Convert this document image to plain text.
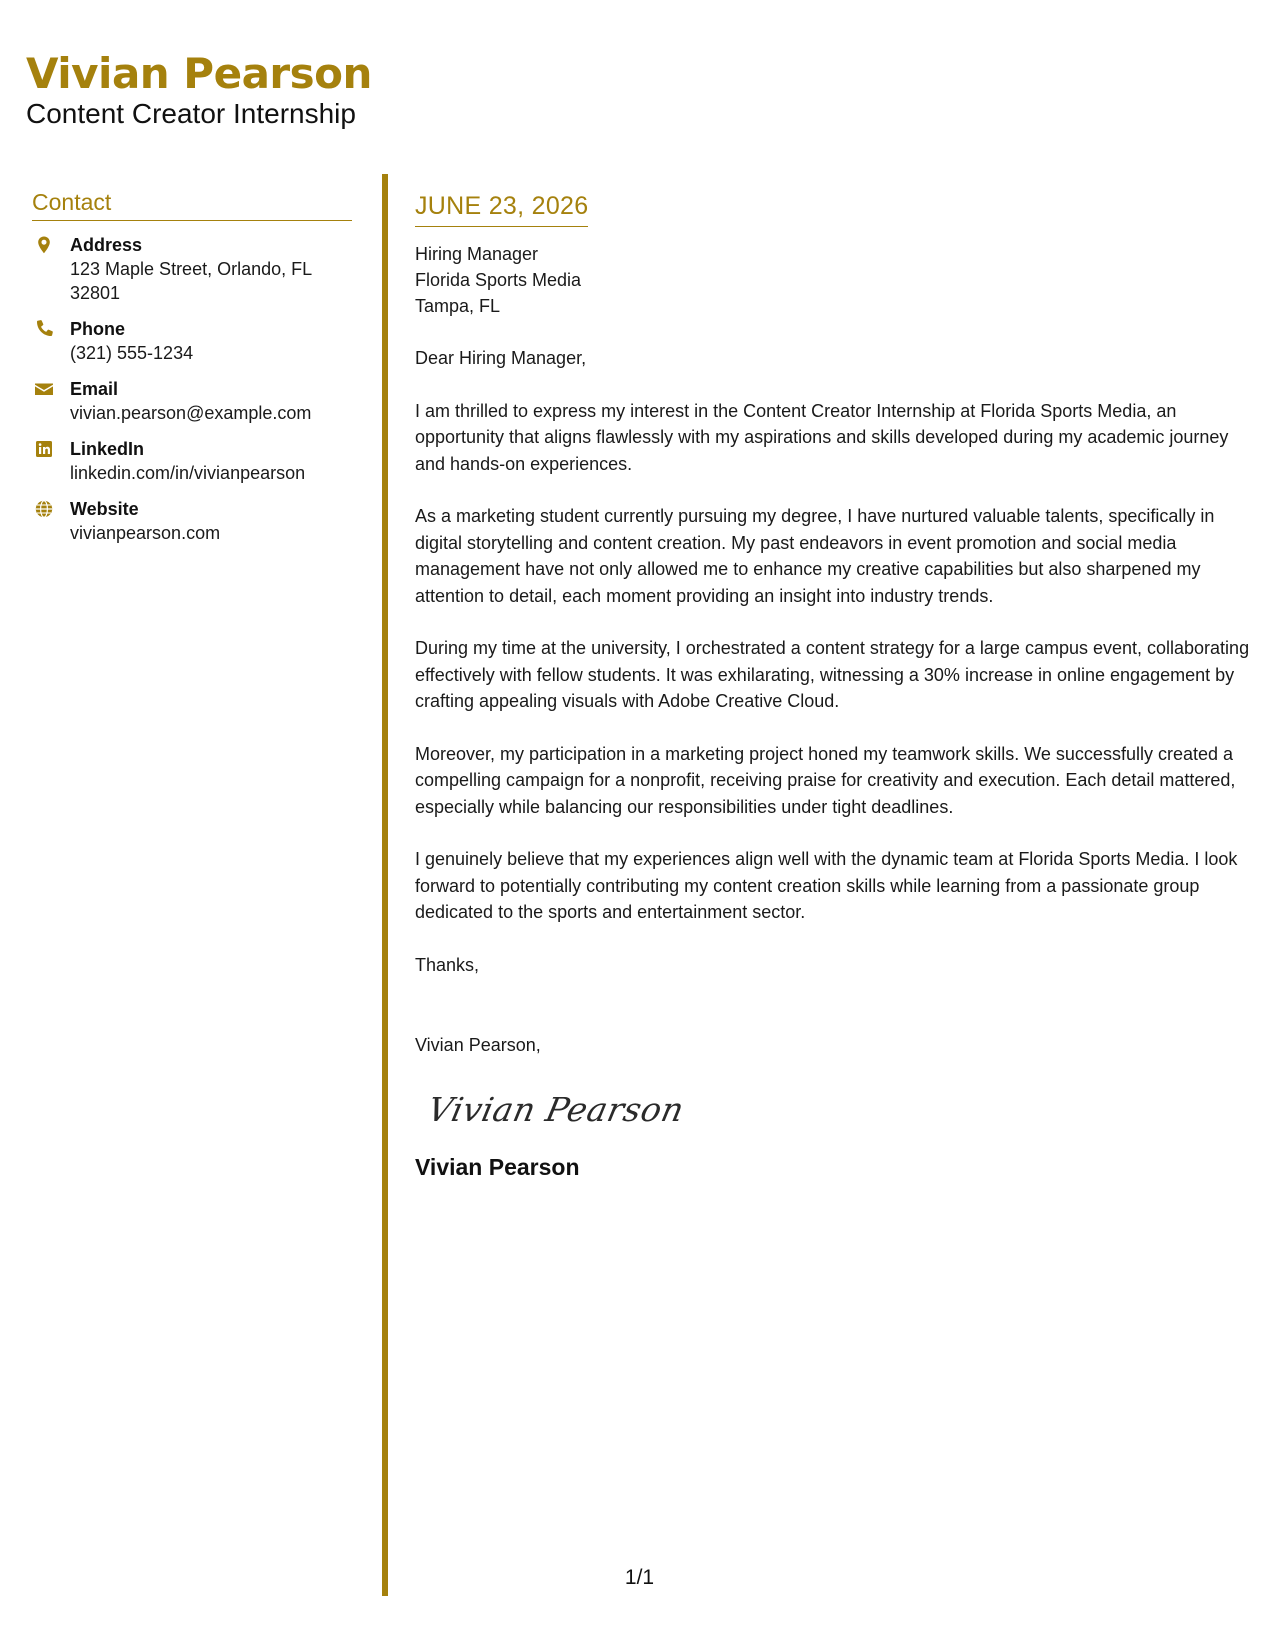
Vivian Pearson
Content Creator Internship
Contact
Address
123 Maple Street, Orlando, FL 32801
Phone
(321) 555-1234
Email
vivian.pearson@example.com
LinkedIn
linkedin.com/in/vivianpearson
Website
vivianpearson.com
JUNE 23, 2026
Hiring Manager
Florida Sports Media
Tampa, FL
Dear Hiring Manager,
I am thrilled to express my interest in the Content Creator Internship at Florida Sports Media, an opportunity that aligns flawlessly with my aspirations and skills developed during my academic journey and hands-on experiences.
As a marketing student currently pursuing my degree, I have nurtured valuable talents, specifically in digital storytelling and content creation. My past endeavors in event promotion and social media management have not only allowed me to enhance my creative capabilities but also sharpened my attention to detail, each moment providing an insight into industry trends.
During my time at the university, I orchestrated a content strategy for a large campus event, collaborating effectively with fellow students. It was exhilarating, witnessing a 30% increase in online engagement by crafting appealing visuals with Adobe Creative Cloud.
Moreover, my participation in a marketing project honed my teamwork skills. We successfully created a compelling campaign for a nonprofit, receiving praise for creativity and execution. Each detail mattered, especially while balancing our responsibilities under tight deadlines.
I genuinely believe that my experiences align well with the dynamic team at Florida Sports Media. I look forward to potentially contributing my content creation skills while learning from a passionate group dedicated to the sports and entertainment sector.
Thanks,
Vivian Pearson,
Vivian Pearson
Vivian Pearson
1/1
